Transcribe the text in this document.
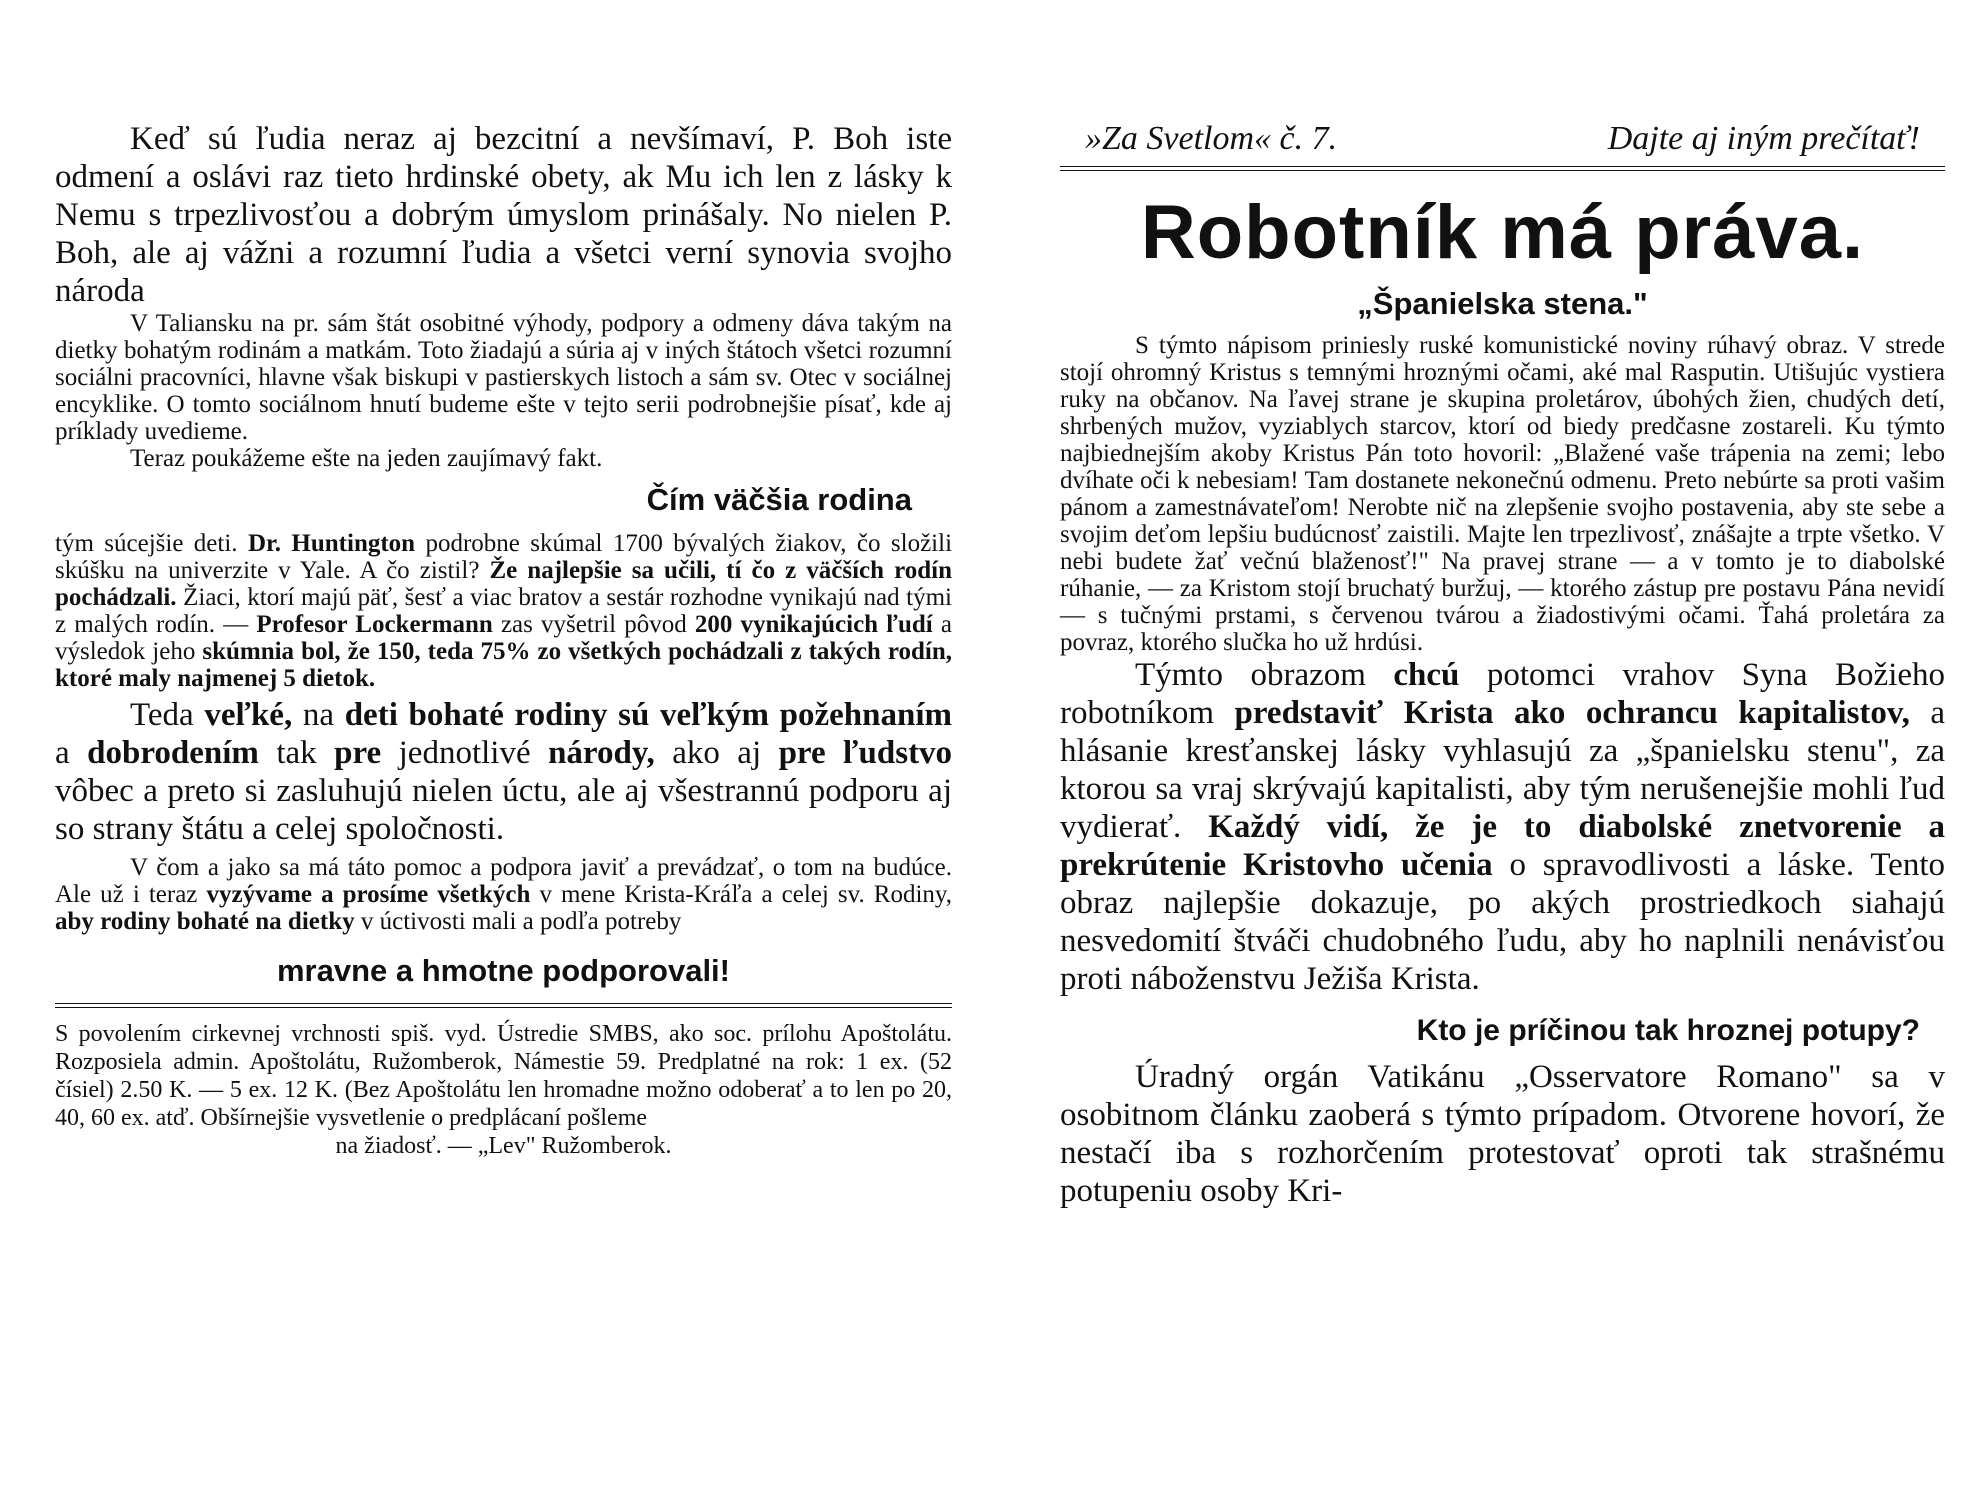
Keď sú ľudia neraz aj bezcitní a nevšímaví, P. Boh iste odmení a oslávi raz tieto hrdinské obety, ak Mu ich len z lásky k Nemu s trpezlivosťou a dobrým úmyslom prinášaly. No nielen P. Boh, ale aj vážni a rozumní ľudia a všetci verní synovia svojho národa

V Taliansku na pr. sám štát osobitné výhody, podpory a odmeny dáva takým na dietky bohatým rodinám a matkám. Toto žiadajú a súria aj v iných štátoch všetci rozumní sociálni pracovníci, hlavne však biskupi v pastierskych listoch a sám sv. Otec v sociálnej encyklike. O tomto sociálnom hnutí budeme ešte v tejto serii podrobnejšie písať, kde aj príklady uvedieme.

Teraz poukážeme ešte na jeden zaujímavý fakt.

Čím väčšia rodina

tým súcejšie deti. Dr. Huntington podrobne skúmal 1700 bývalých žiakov, čo složili skúšku na univerzite v Yale. A čo zistil? Že najlepšie sa učili, tí čo z väčších rodín pochádzali. Žiaci, ktorí majú päť, šesť a viac bratov a sestár rozhodne vynikajú nad tými z malých rodín. — Profesor Lockermann zas vyšetril pôvod 200 vynikajúcich ľudí a výsledok jeho skúmnia bol, že 150, teda 75% zo všetkých pochádzali z takých rodín, ktoré maly najmenej 5 dietok.

Teda veľké, na deti bohaté rodiny sú veľkým požehnaním a dobrodením tak pre jednotlivé národy, ako aj pre ľudstvo vôbec a preto si zasluhujú nielen úctu, ale aj všestrannú podporu aj so strany štátu a celej spoločnosti.

V čom a jako sa má táto pomoc a podpora javiť a prevádzať, o tom na budúce. Ale už i teraz vyzývame a prosíme všetkých v mene Krista-Kráľa a celej sv. Rodiny, aby rodiny bohaté na dietky v úctivosti mali a podľa potreby

mravne a hmotne podporovali!

S povolením cirkevnej vrchnosti spiš. vyd. Ústredie SMBS, ako soc. prílohu Apoštolátu. Rozposiela admin. Apoštolátu, Ružomberok, Námestie 59. Predplatné na rok: 1 ex. (52 čísiel) 2.50 K. — 5 ex. 12 K. (Bez Apoštolátu len hromadne možno odoberať a to len po 20, 40, 60 ex. atď. Obšírnejšie vysvetlenie o predplácaní pošleme

na žiadosť. — „Lev" Ružomberok.

»Za Svetlom« č. 7.	Dajte aj iným prečítať!
Robotník má práva.
„Španielska stena."

S týmto nápisom priniesly ruské komunistické noviny rúhavý obraz. V strede stojí ohromný Kristus s temnými hroznými očami, aké mal Rasputin. Utišujúc vystiera ruky na občanov. Na ľavej strane je skupina proletárov, úbohých žien, chudých detí, shrbených mužov, vyziablych starcov, ktorí od biedy predčasne zostareli. Ku týmto najbiednejším akoby Kristus Pán toto hovoril: „Blažené vaše trápenia na zemi; lebo dvíhate oči k nebesiam! Tam dostanete nekonečnú odmenu. Preto nebúrte sa proti vašim pánom a zamestnávateľom! Nerobte nič na zlepšenie svojho postavenia, aby ste sebe a svojim deťom lepšiu budúcnosť zaistili. Majte len trpezlivosť, znášajte a trpte všetko. V nebi budete žať večnú blaženosť!" Na pravej strane — a v tomto je to diabolské rúhanie, — za Kristom stojí bruchatý buržuj, — ktorého zástup pre postavu Pána nevidí — s tučnými prstami, s červenou tvárou a žiadostivými očami. Ťahá proletára za povraz, ktorého slučka ho už hrdúsi.

Týmto obrazom chcú potomci vrahov Syna Božieho robotníkom predstaviť Krista ako ochrancu kapitalistov, a hlásanie kresťanskej lásky vyhlasujú za „španielsku stenu", za ktorou sa vraj skrývajú kapitalisti, aby tým nerušenejšie mohli ľud vydierať. Každý vidí, že je to diabolské znetvorenie a prekrútenie Kristovho učenia o spravodlivosti a láske. Tento obraz najlepšie dokazuje, po akých prostriedkoch siahajú nesvedomití štváči chudobného ľudu, aby ho naplnili nenávisťou proti náboženstvu Ježiša Krista.

Kto je príčinou tak hroznej potupy?

Úradný orgán Vatikánu „Osservatore Romano" sa v osobitnom článku zaoberá s týmto prípadom. Otvorene hovorí, že nestačí iba s rozhorčením protestovať oproti tak strašnému potupeniu osoby Kri-
